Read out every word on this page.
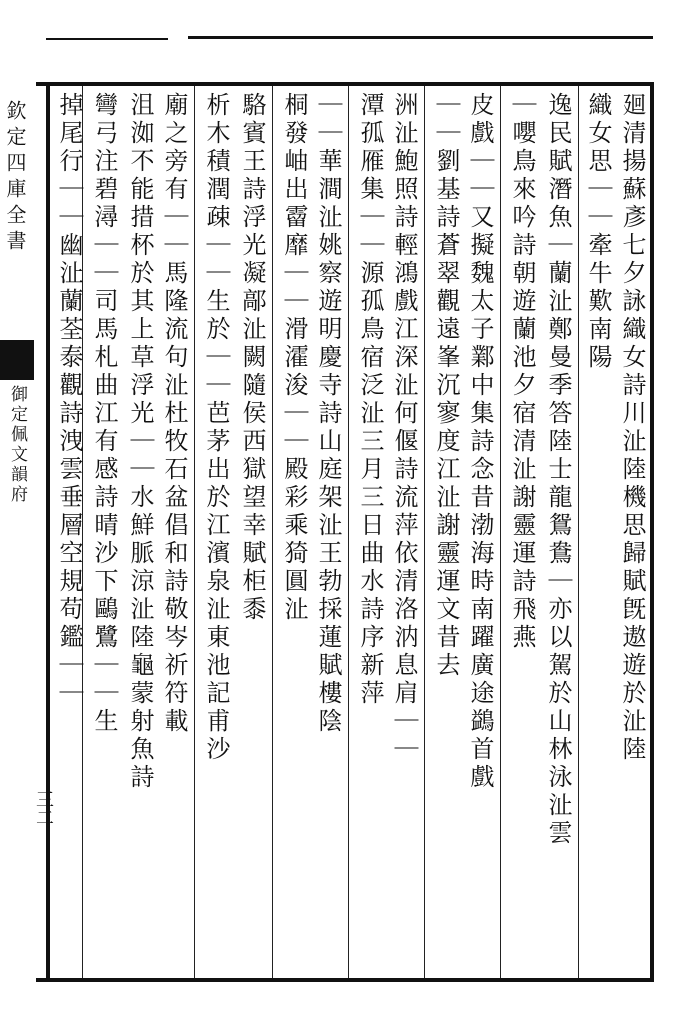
廻清揚蘇彥七夕詠織女詩川沚陸機思歸賦旣遨遊於沚陸
織女思｜｜牽牛歎南陽
逸民賦潛魚｜蘭沚鄭曼季答陸士龍鴛鴦｜亦以駕於山林泳沚雲
｜嚶鳥來吟詩朝遊蘭池夕宿清沚謝靈運詩飛燕
皮戲｜｜又擬魏太子鄴中集詩念昔渤海時南躍廣途鷁首戲
｜｜劉基詩蒼翠觀遠峯沉寥度江沚謝靈運文昔去
洲沚鮑照詩輕鴻戲江深沚何偃詩流萍依清洛汭息肩｜｜
潭孤雁集｜｜源孤鳥宿泛沚三月三日曲水詩序新萍
｜｜華澗沚姚察遊明慶寺詩山庭架沚王勃採蓮賦樓陰
桐發岫出霤靡｜｜滑瀖浚｜｜殿彩乘猗圓沚
駱賓王詩浮光凝鄗沚闕隨侯西獄望幸賦柜黍
析木積潤疎｜｜生於｜｜芭茅出於江濱泉沚東池記甫沙
廟之旁有｜｜馬隆流句沚杜牧石盆倡和詩敬岑祈符載
沮洳不能措杯於其上草浮光｜｜水鮮脈涼沚陸龜蒙射魚詩
彎弓注碧潯｜｜司馬札曲江有感詩晴沙下鷗鷺｜｜生
掉尾行｜｜幽沚蘭荃泰觀詩洩雲垂層空規苟鑑｜｜
欽定四庫全書
御定佩文韻府
三二
